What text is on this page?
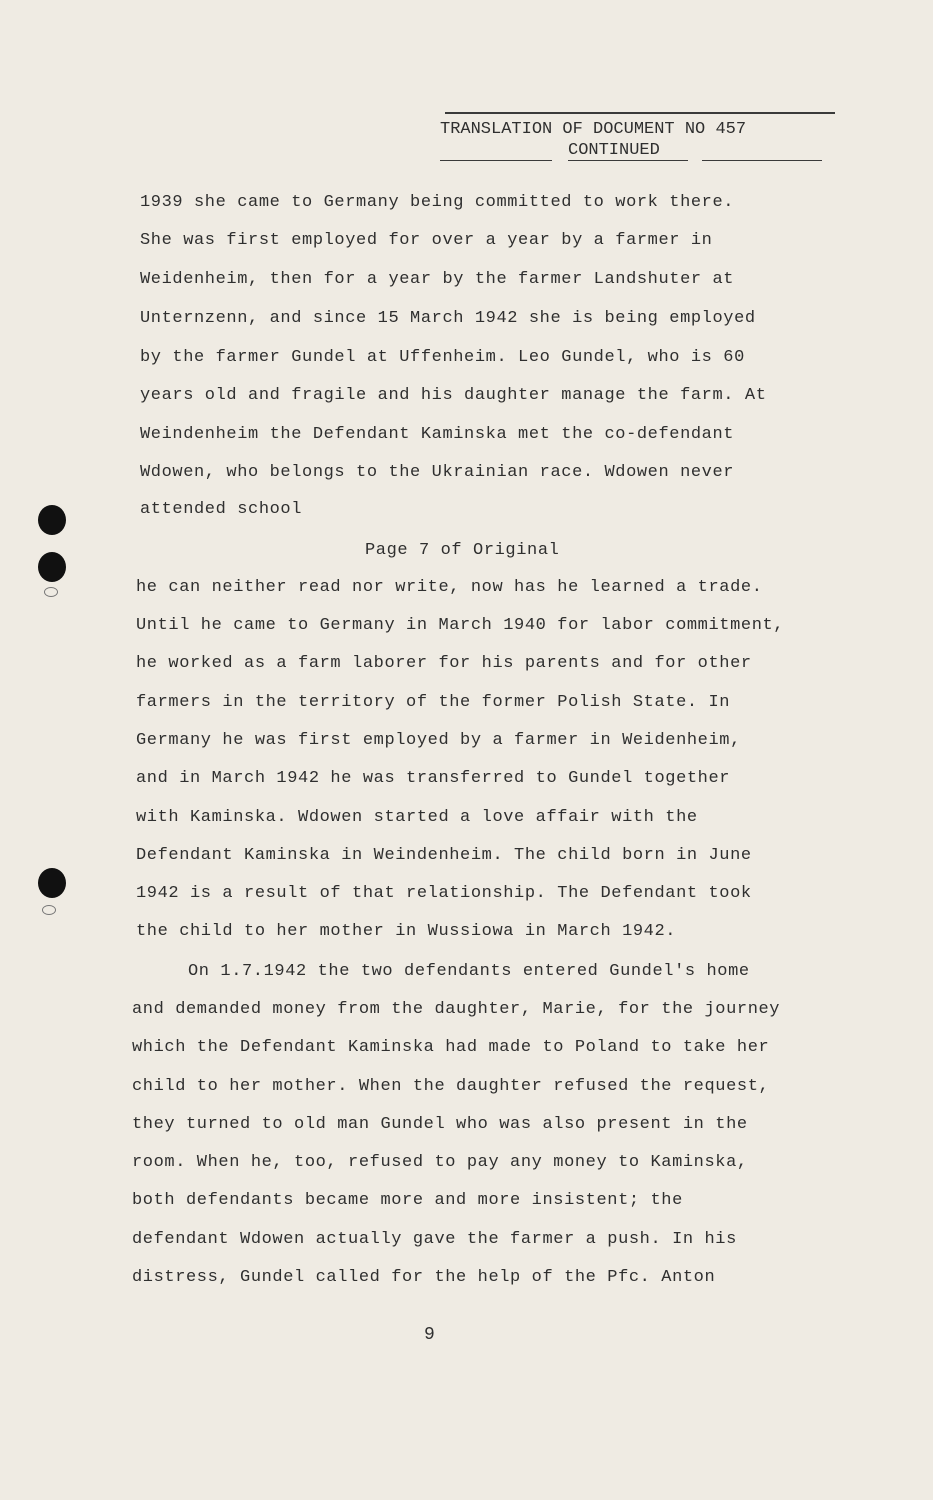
TRANSLATION OF DOCUMENT NO 457
CONTINUED
1939 she came to Germany being committed to work there.
She was first employed for over a year by a farmer in
Weidenheim, then for a year by the farmer Landshuter at
Unternzenn, and since 15 March 1942 she is being employed
by the farmer Gundel at Uffenheim. Leo Gundel, who is 60
years old and fragile and his daughter manage the farm. At
Weindenheim the Defendant Kaminska met the co-defendant
Wdowen, who belongs to the Ukrainian race. Wdowen never
attended school
Page 7 of Original
he can neither read nor write, now has he learned a trade.
Until he came to Germany in March 1940 for labor commitment,
he worked as a farm laborer for his parents and for other
farmers in the territory of the former Polish State. In
Germany he was first employed by a farmer in Weidenheim,
and in March 1942 he was transferred to Gundel together
with Kaminska. Wdowen started a love affair with the
Defendant Kaminska in Weindenheim. The child born in June
1942 is a result of that relationship. The Defendant took
the child to her mother in Wussiowa in March 1942.
On 1.7.1942 the two defendants entered Gundel's home
and demanded money from the daughter, Marie, for the journey
which the Defendant Kaminska had made to Poland to take her
child to her mother. When the daughter refused the request,
they turned to old man Gundel who was also present in the
room. When he, too, refused to pay any money to Kaminska,
both defendants became more and more insistent; the
defendant Wdowen actually gave the farmer a push. In his
distress, Gundel called for the help of the Pfc. Anton
9
